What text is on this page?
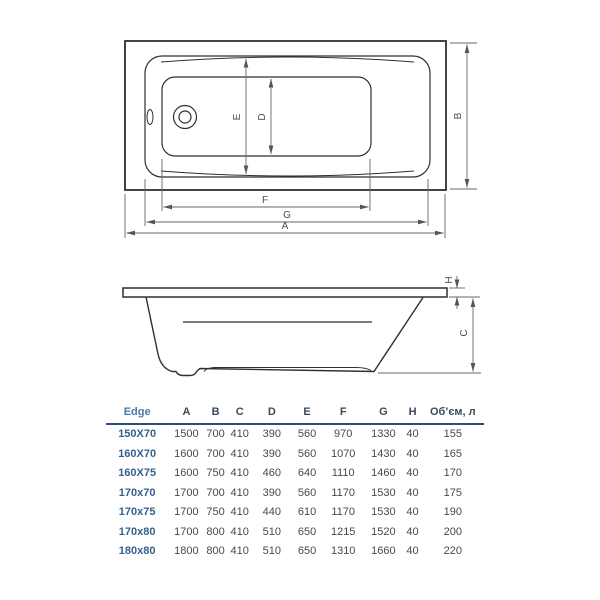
E D	B
F
G
A
H
C
Edge	A	B	C	D	E	F	G	H	Об’єм, л
150X70	1500	700	410	390	560	970	1330	40	155
160X70	1600	700	410	390	560	1070	1430	40	165
160X75	1600	750	410	460	640	1110	1460	40	170
170x70	1700	700	410	390	560	1170	1530	40	175
170x75	1700	750	410	440	610	1170	1530	40	190
170x80	1700	800	410	510	650	1215	1520	40	200
180x80	1800	800	410	510	650	1310	1660	40	220
